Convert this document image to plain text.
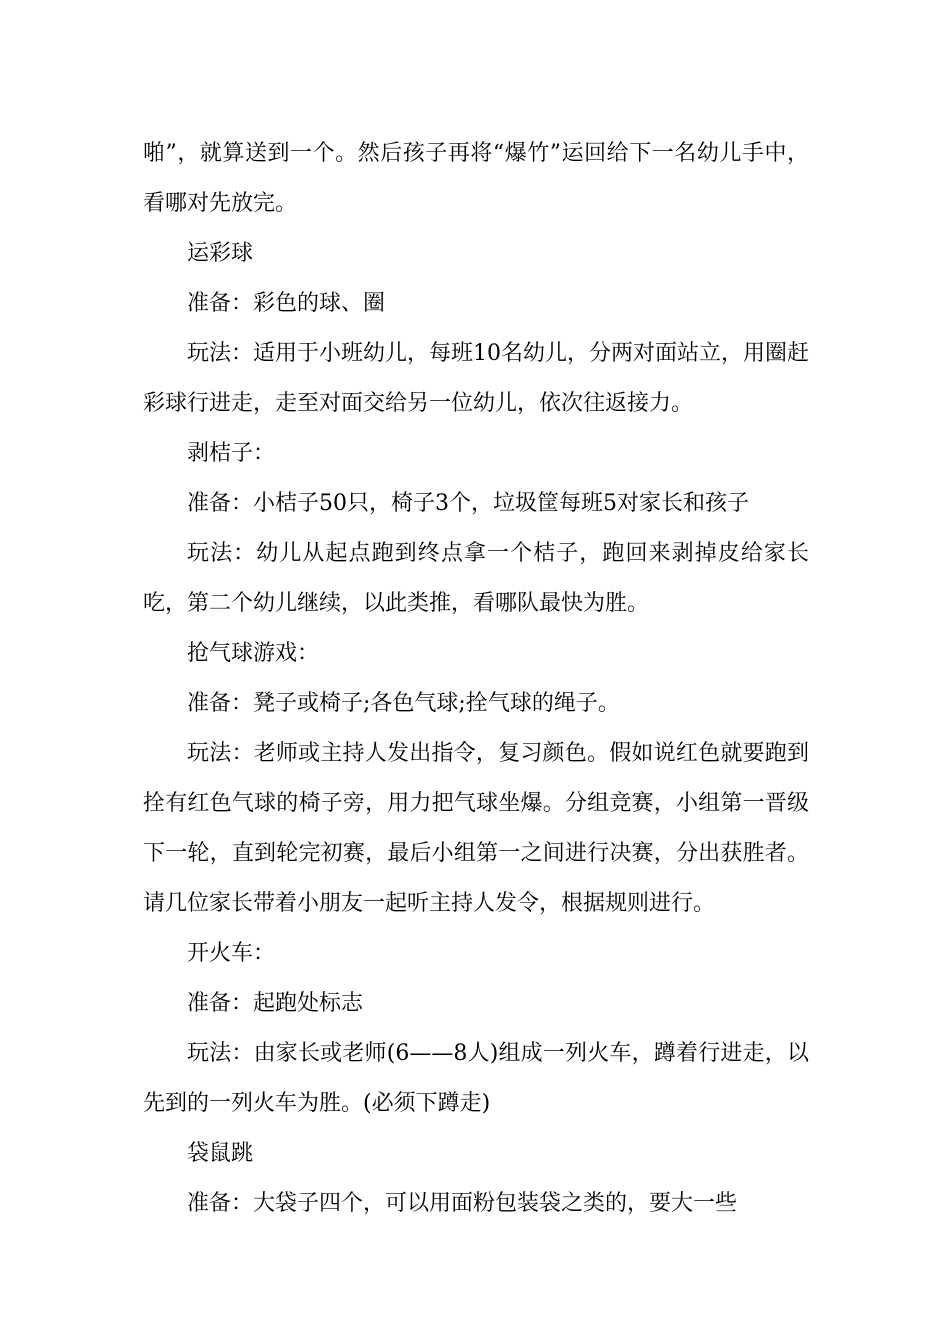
啪”，就算送到一个。然后孩子再将“爆竹”运回给下一名幼儿手中，看哪对先放完。

运彩球

准备：彩色的球、圈

玩法：适用于小班幼儿，每班10名幼儿，分两对面站立，用圈赶彩球行进走，走至对面交给另一位幼儿，依次往返接力。

剥桔子：

准备：小桔子50只，椅子3个，垃圾筐每班5对家长和孩子

玩法：幼儿从起点跑到终点拿一个桔子，跑回来剥掉皮给家长吃，第二个幼儿继续，以此类推，看哪队最快为胜。

抢气球游戏：

准备：凳子或椅子;各色气球;拴气球的绳子。

玩法：老师或主持人发出指令，复习颜色。假如说红色就要跑到拴有红色气球的椅子旁，用力把气球坐爆。分组竞赛，小组第一晋级下一轮，直到轮完初赛，最后小组第一之间进行决赛，分出获胜者。请几位家长带着小朋友一起听主持人发令，根据规则进行。

开火车：

准备：起跑处标志

玩法：由家长或老师(6——8人)组成一列火车，蹲着行进走，以先到的一列火车为胜。(必须下蹲走)

袋鼠跳

准备：大袋子四个，可以用面粉包装袋之类的，要大一些
